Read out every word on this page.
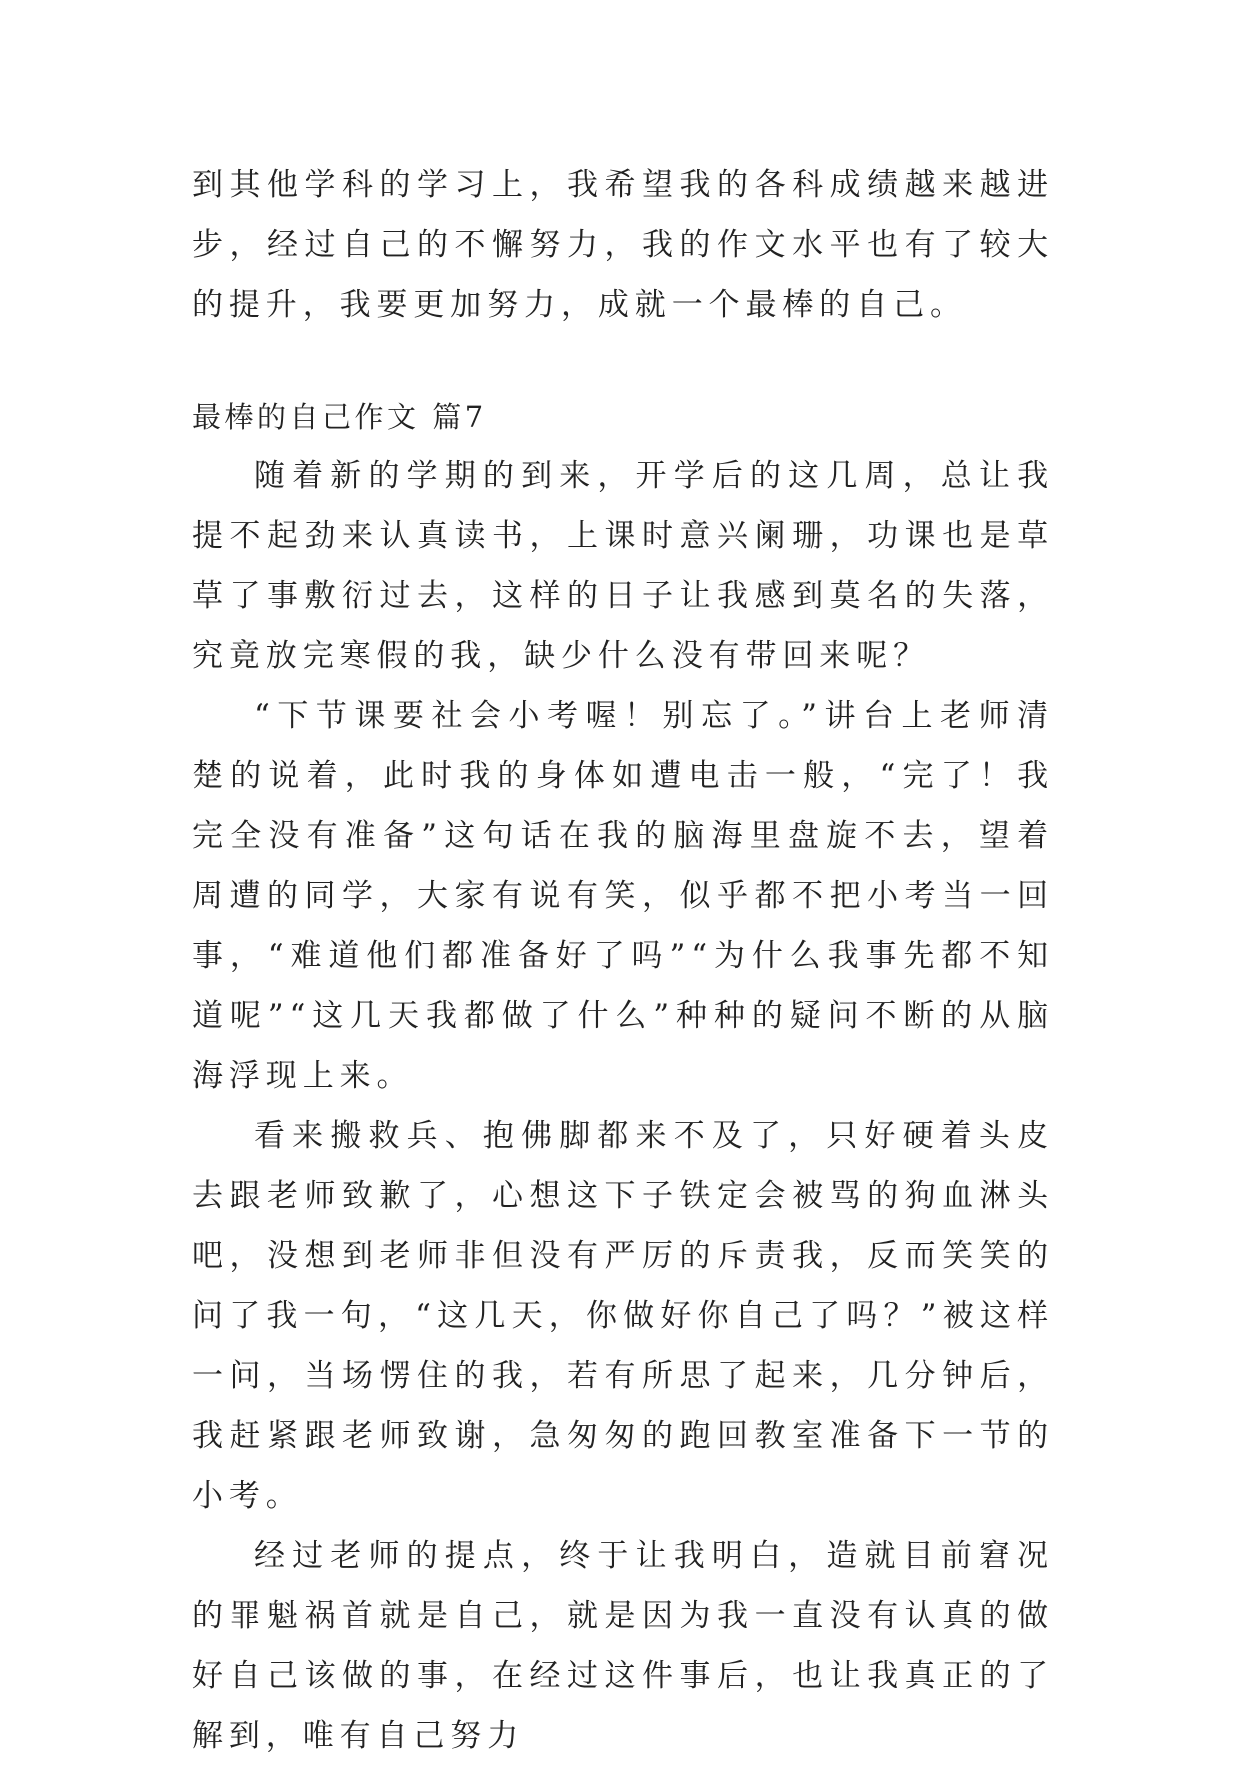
到其他学科的学习上，我希望我的各科成绩越来越进步，经过自己的不懈努力，我的作文水平也有了较大的提升，我要更加努力，成就一个最棒的自己。

最棒的自己作文 篇7

随着新的学期的到来，开学后的这几周，总让我提不起劲来认真读书，上课时意兴阑珊，功课也是草草了事敷衍过去，这样的日子让我感到莫名的失落，究竟放完寒假的我，缺少什么没有带回来呢？

“下节课要社会小考喔！别忘了。”讲台上老师清楚的说着，此时我的身体如遭电击一般，“完了！我完全没有准备”这句话在我的脑海里盘旋不去，望着周遭的同学，大家有说有笑，似乎都不把小考当一回事，“难道他们都准备好了吗”“为什么我事先都不知道呢”“这几天我都做了什么”种种的疑问不断的从脑 海浮现上来。

看来搬救兵、抱佛脚都来不及了，只好硬着头皮去跟老师致歉了，心想这下子铁定会被骂的狗血淋头吧，没想到老师非但没有严厉的斥责我，反而笑笑的问了我一句，“这几天，你做好你自己了吗？”被这样一问，当场愣住的我，若有所思了起来，几分钟后，我赶紧跟老师致谢，急匆匆的跑回教室准备下一节的小考。

经过老师的提点，终于让我明白，造就目前窘况的罪魁祸首就是自己，就是因为我一直没有认真的做好自己该做的事，在经过这件事后，也让我真正的了解到，唯有自己努力
